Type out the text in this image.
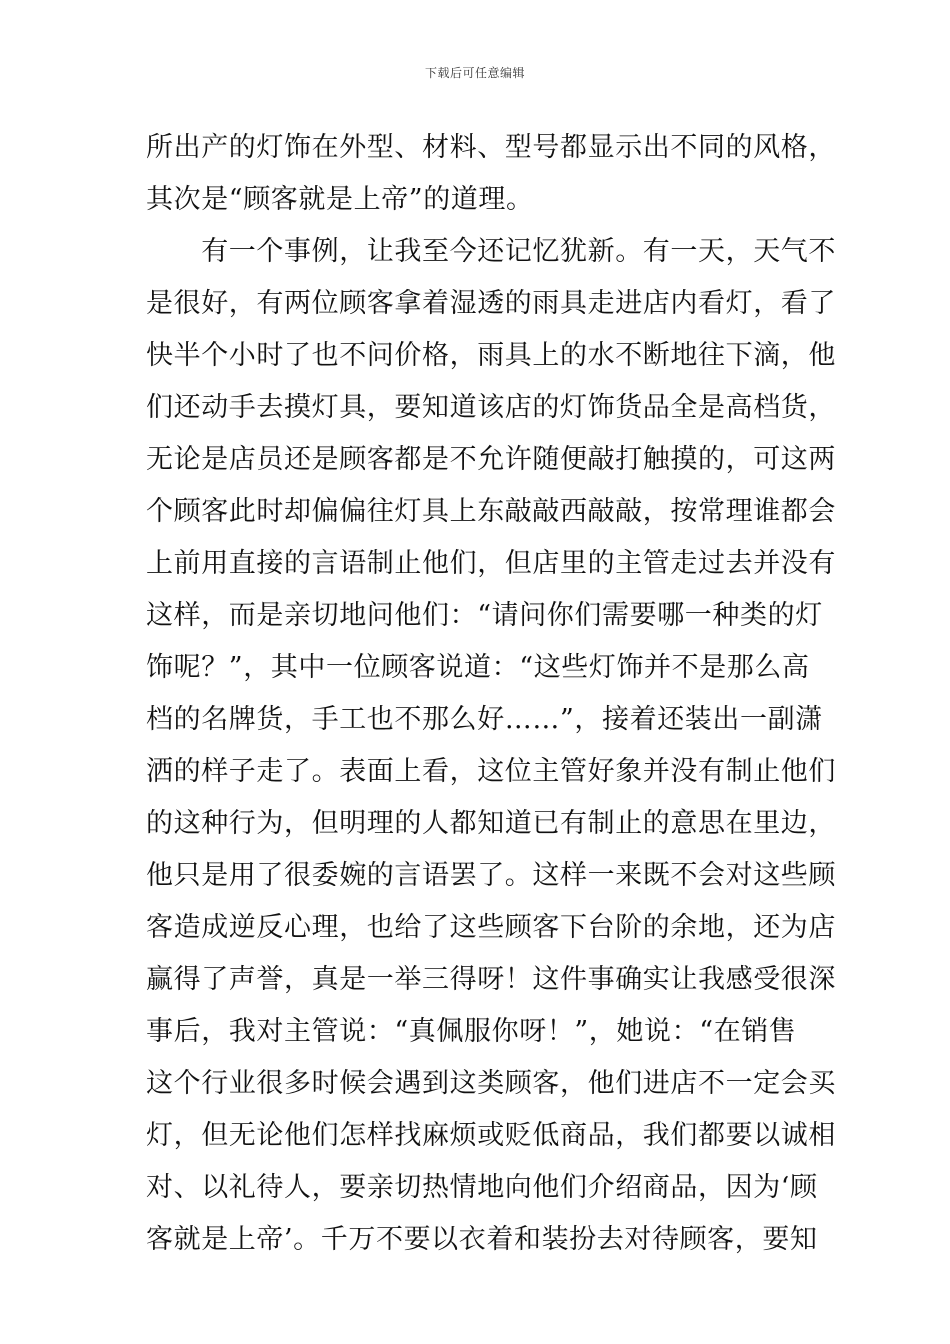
下载后可任意编辑
所出产的灯饰在外型、材料、型号都显示出不同的风格，
其次是“顾客就是上帝”的道理。
　　有一个事例，让我至今还记忆犹新。有一天，天气不
是很好，有两位顾客拿着湿透的雨具走进店内看灯，看了
快半个小时了也不问价格，雨具上的水不断地往下滴，他
们还动手去摸灯具，要知道该店的灯饰货品全是高档货，
无论是店员还是顾客都是不允许随便敲打触摸的，可这两
个顾客此时却偏偏往灯具上东敲敲西敲敲，按常理谁都会
上前用直接的言语制止他们，但店里的主管走过去并没有
这样，而是亲切地问他们：“请问你们需要哪一种类的灯
饰呢？”，其中一位顾客说道：“这些灯饰并不是那么高
档的名牌货，手工也不那么好……”，接着还装出一副潇
洒的样子走了。表面上看，这位主管好象并没有制止他们
的这种行为，但明理的人都知道已有制止的意思在里边，
他只是用了很委婉的言语罢了。这样一来既不会对这些顾
客造成逆反心理，也给了这些顾客下台阶的余地，还为店
赢得了声誉，真是一举三得呀！这件事确实让我感受很深
事后，我对主管说：“真佩服你呀！”，她说：“在销售
这个行业很多时候会遇到这类顾客，他们进店不一定会买
灯，但无论他们怎样找麻烦或贬低商品，我们都要以诚相
对、以礼待人，要亲切热情地向他们介绍商品，因为‘顾
客就是上帝’。千万不要以衣着和装扮去对待顾客，要知
